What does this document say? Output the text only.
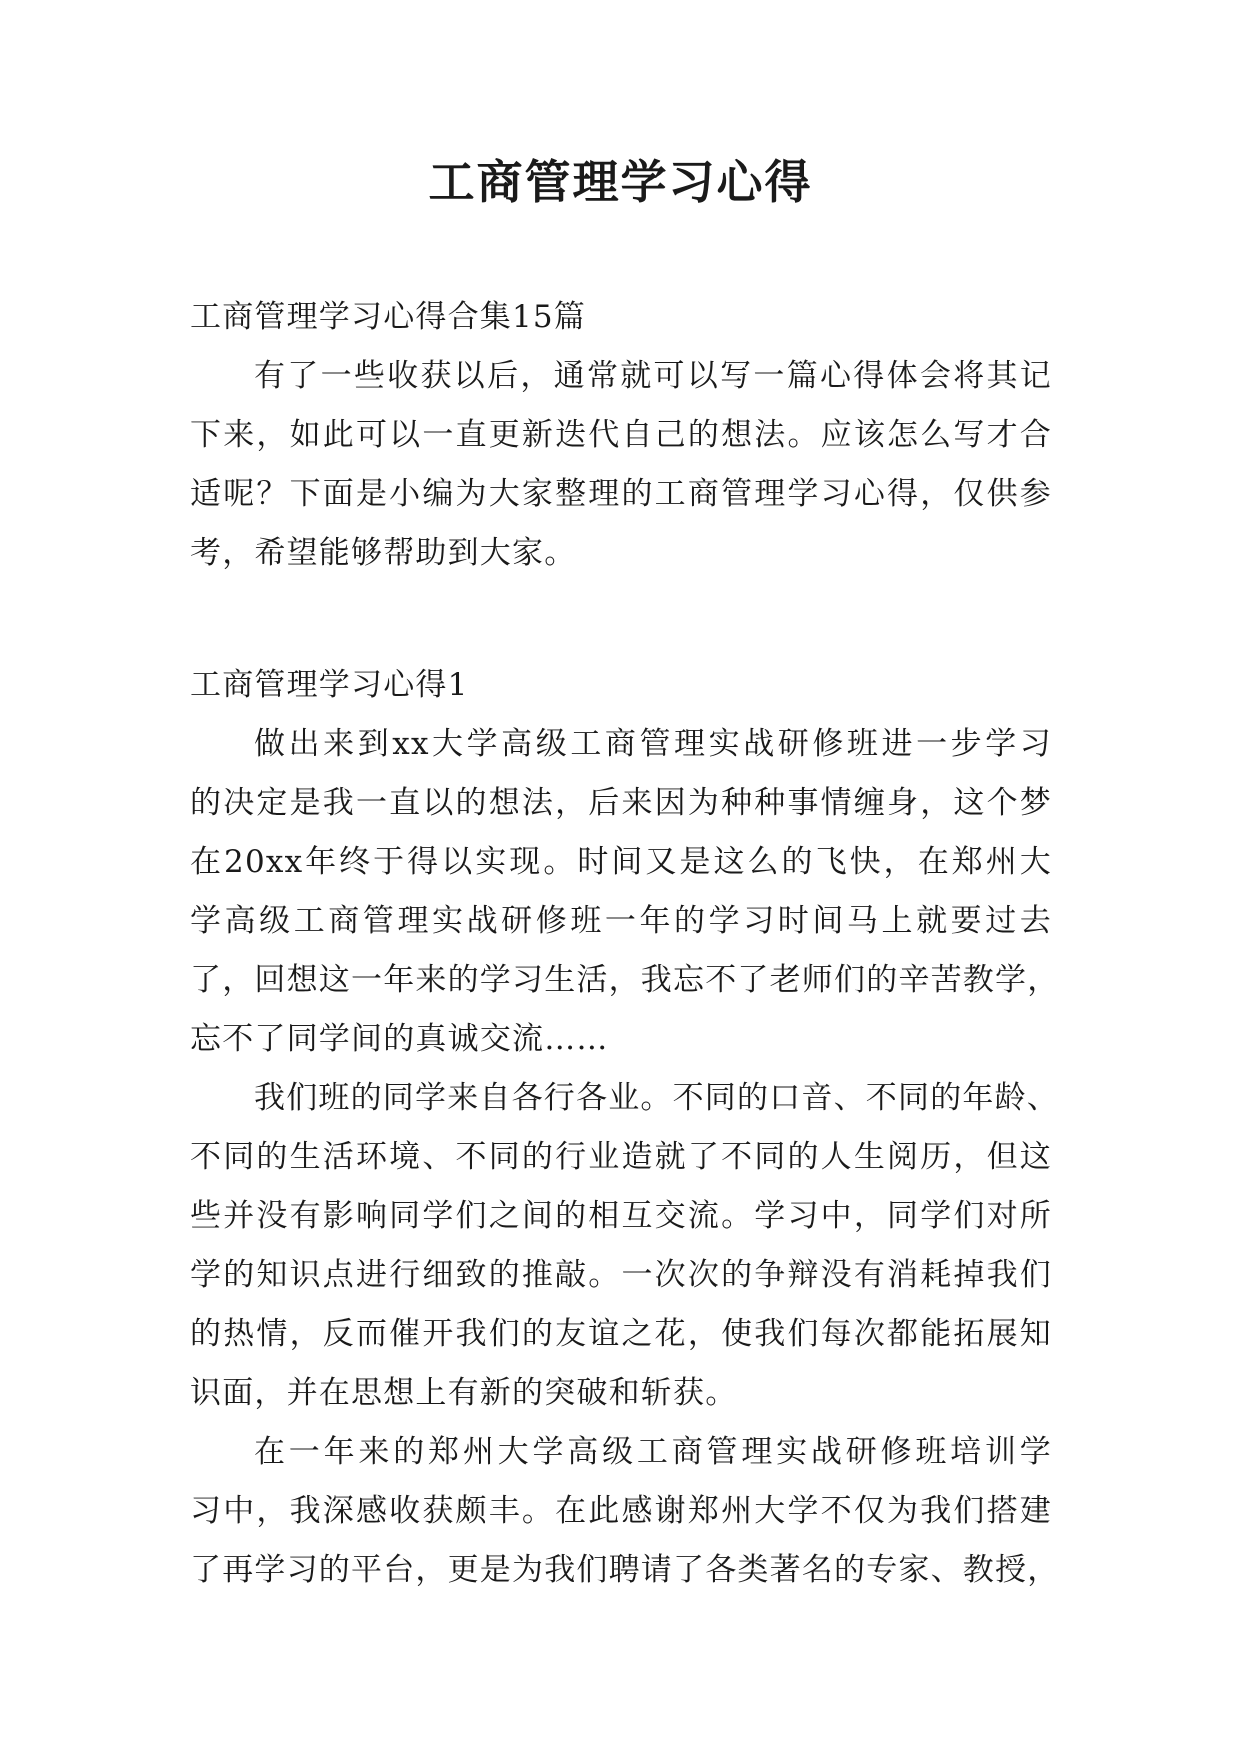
工商管理学习心得
工商管理学习心得合集15篇
有了一些收获以后，通常就可以写一篇心得体会将其记
下来，如此可以一直更新迭代自己的想法。应该怎么写才合
适呢？下面是小编为大家整理的工商管理学习心得，仅供参
考，希望能够帮助到大家。
工商管理学习心得1
做出来到xx大学高级工商管理实战研修班进一步学习
的决定是我一直以的想法，后来因为种种事情缠身，这个梦
在20xx年终于得以实现。时间又是这么的飞快，在郑州大
学高级工商管理实战研修班一年的学习时间马上就要过去
了，回想这一年来的学习生活，我忘不了老师们的辛苦教学，
忘不了同学间的真诚交流……
我们班的同学来自各行各业。不同的口音、不同的年龄、
不同的生活环境、不同的行业造就了不同的人生阅历，但这
些并没有影响同学们之间的相互交流。学习中，同学们对所
学的知识点进行细致的推敲。一次次的争辩没有消耗掉我们
的热情，反而催开我们的友谊之花，使我们每次都能拓展知
识面，并在思想上有新的突破和斩获。
在一年来的郑州大学高级工商管理实战研修班培训学
习中，我深感收获颇丰。在此感谢郑州大学不仅为我们搭建
了再学习的平台，更是为我们聘请了各类著名的专家、教授，
